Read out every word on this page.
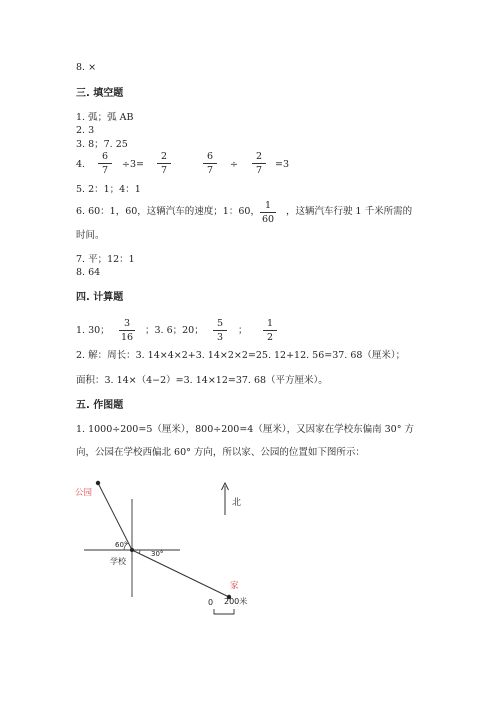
8. ×
三. 填空题
1. 弧；弧 AB
2. 3
3. 8；7. 25
4.
6
7
÷3=
2
7
6
7
÷
2
7
=3
5. 2：1；4：1
6. 60：1，60，这辆汽车的速度；1：60，
1
60
，这辆汽车行驶 1 千米所需的
时间。
7. 平；12：1
8. 64
四. 计算题
1. 30；
3
16
；3. 6；20；
5
3
；
1
2
2. 解：周长：3. 14×4×2+3. 14×2×2=25. 12+12. 56=37. 68（厘米）；
面积：3. 14×（4−2）=3. 14×12=37. 68（平方厘米）。
五. 作图题
1. 1000÷200=5（厘米），800÷200=4（厘米），又因家在学校东偏南 30° 方
向，公园在学校西偏北 60° 方向，所以家、公园的位置如下图所示：
公园
60°
30°
学校
家
北
0 200米
